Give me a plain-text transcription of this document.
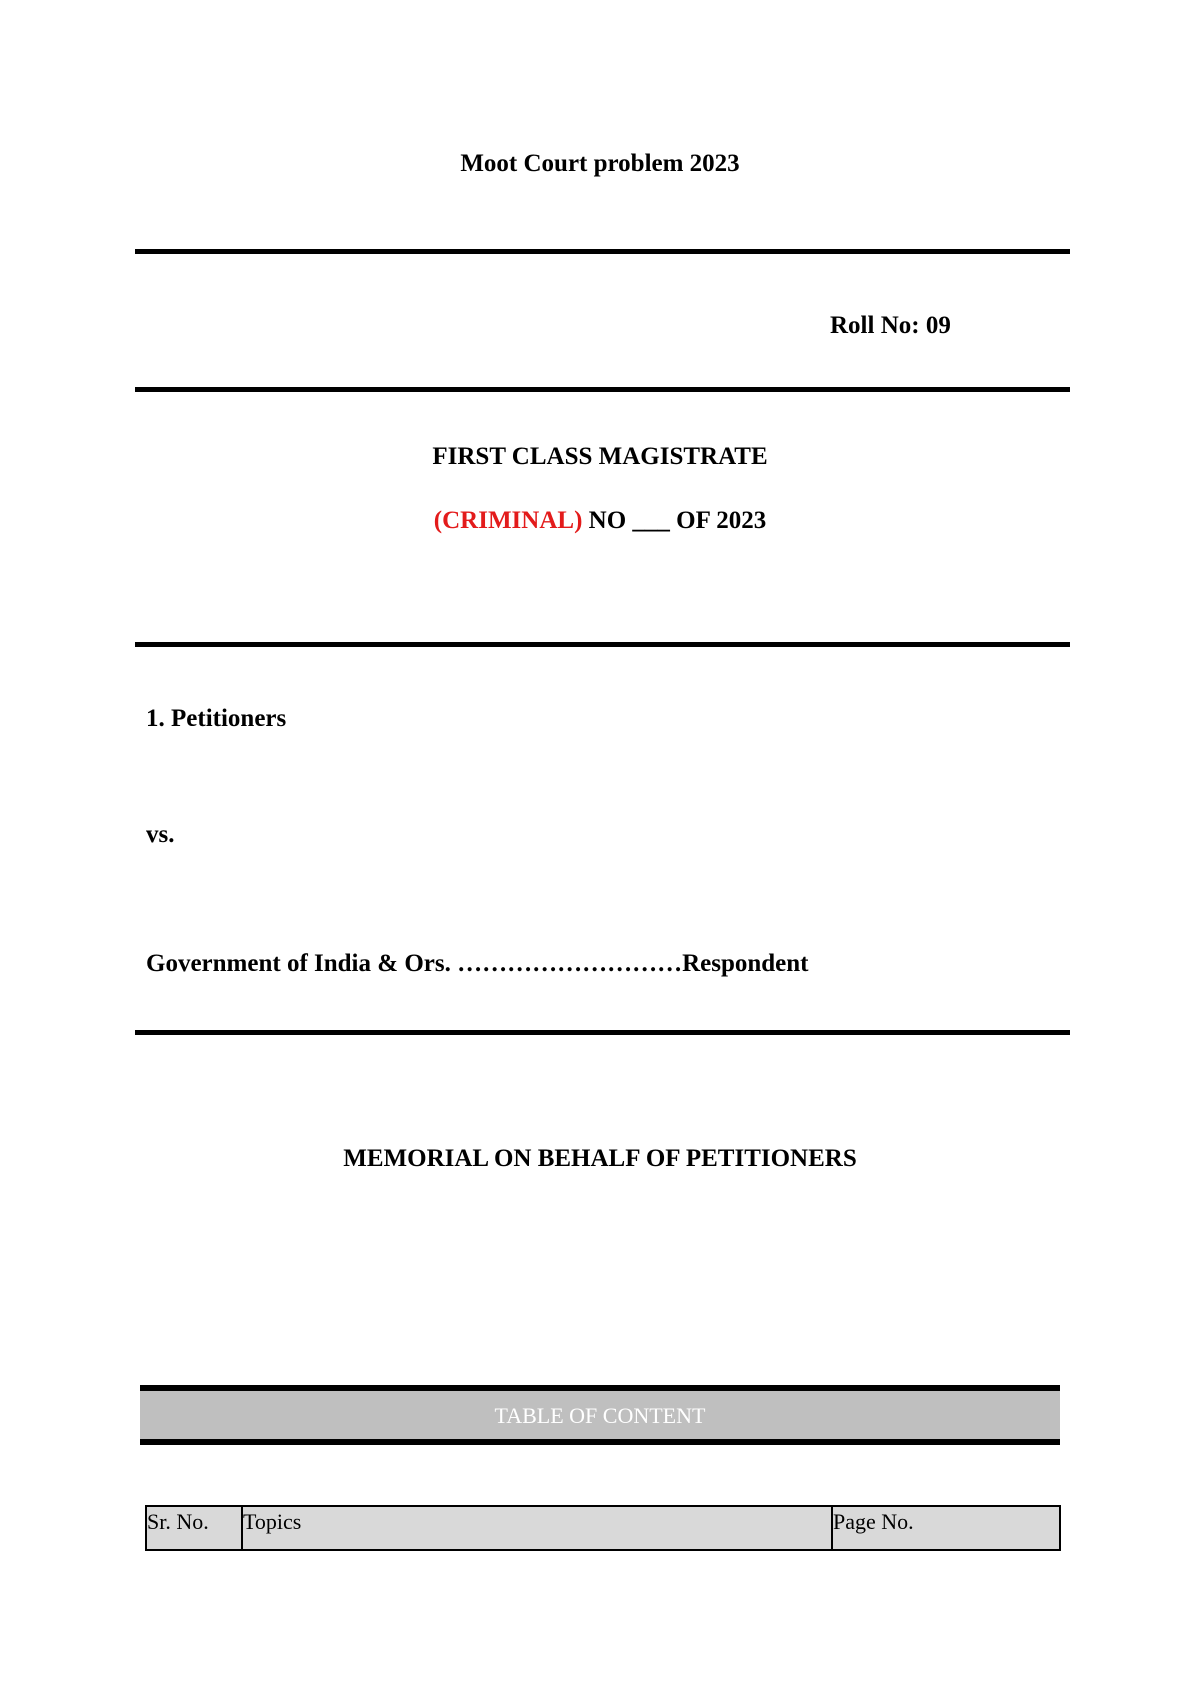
Moot Court problem 2023
Roll No: 09
FIRST CLASS MAGISTRATE
(CRIMINAL) NO ___ OF 2023
1. Petitioners
vs.
Government of India & Ors. ………………………Respondent
MEMORIAL ON BEHALF OF PETITIONERS
TABLE OF CONTENT
Sr. No.	Topics	Page No.
